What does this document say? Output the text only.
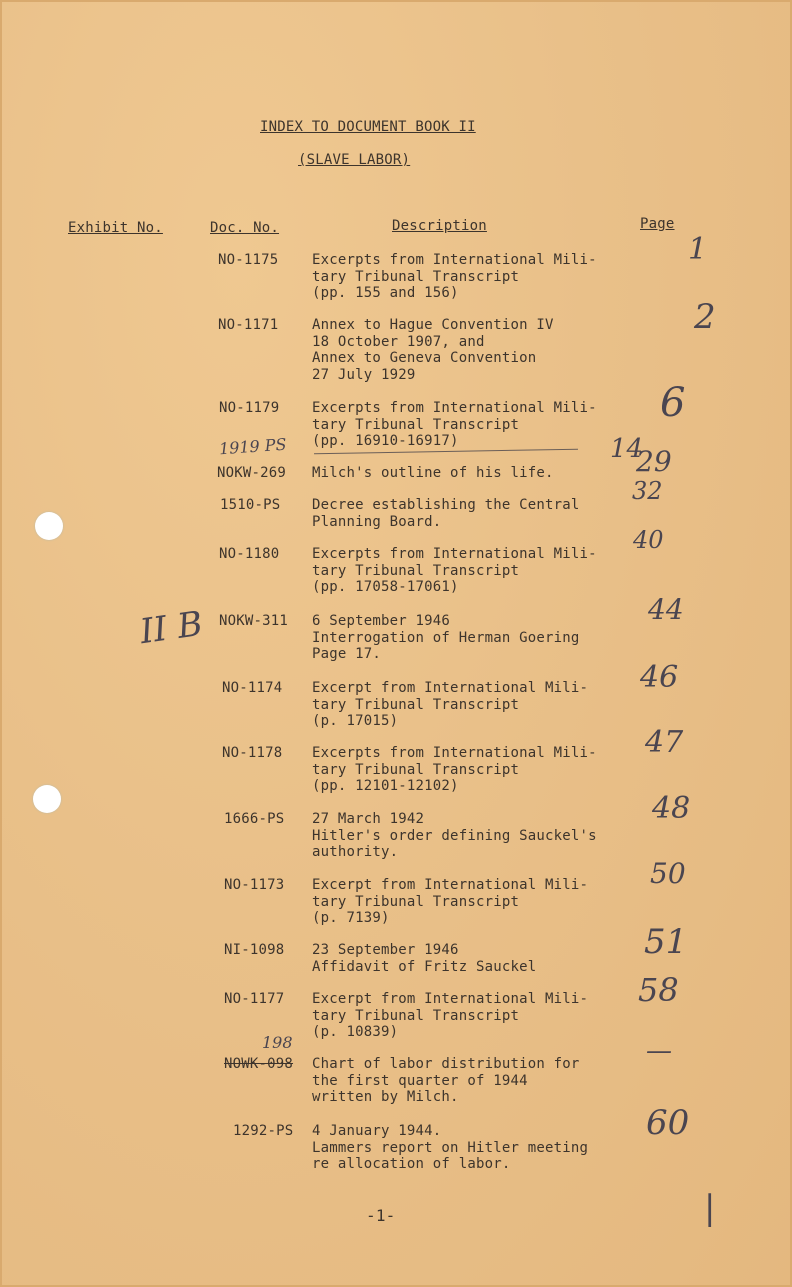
INDEX TO DOCUMENT BOOK II
(SLAVE LABOR)
Exhibit No.	Doc. No.	Description	Page
NO-1175 Excerpts from International Mili-
tary Tribunal Transcript
(pp. 155 and 156)
1
NO-1171 Annex to Hague Convention IV
18 October 1907, and
Annex to Geneva Convention
27 July 1929
2
NO-1179 Excerpts from International Mili-
tary Tribunal Transcript
(pp. 16910-16917)
6
NOKW-269 Milch's outline of his life.	29
1510-PS Decree establishing the Central
Planning Board.
32
NO-1180 Excerpts from International Mili-
tary Tribunal Transcript
(pp. 17058-17061)
40
NOKW-311 6 September 1946
Interrogation of Herman Goering
Page 17.
44
NO-1174 Excerpt from International Mili-
tary Tribunal Transcript
(p. 17015)
46
NO-1178 Excerpts from International Mili-
tary Tribunal Transcript
(pp. 12101-12102)
47
1666-PS 27 March 1942
Hitler's order defining Sauckel's
authority.
48
NO-1173 Excerpt from International Mili-
tary Tribunal Transcript
(p. 7139)
50
NI-1098 23 September 1946
Affidavit of Fritz Sauckel
51
NO-1177 Excerpt from International Mili-
tary Tribunal Transcript
(p. 10839)
58
NOWK-098 Chart of labor distribution for
the first quarter of 1944
written by Milch.
—
1292-PS 4 January 1944.
Lammers report on Hitler meeting
re allocation of labor.
60
1919 PS	14
II B
198
-1-	|
